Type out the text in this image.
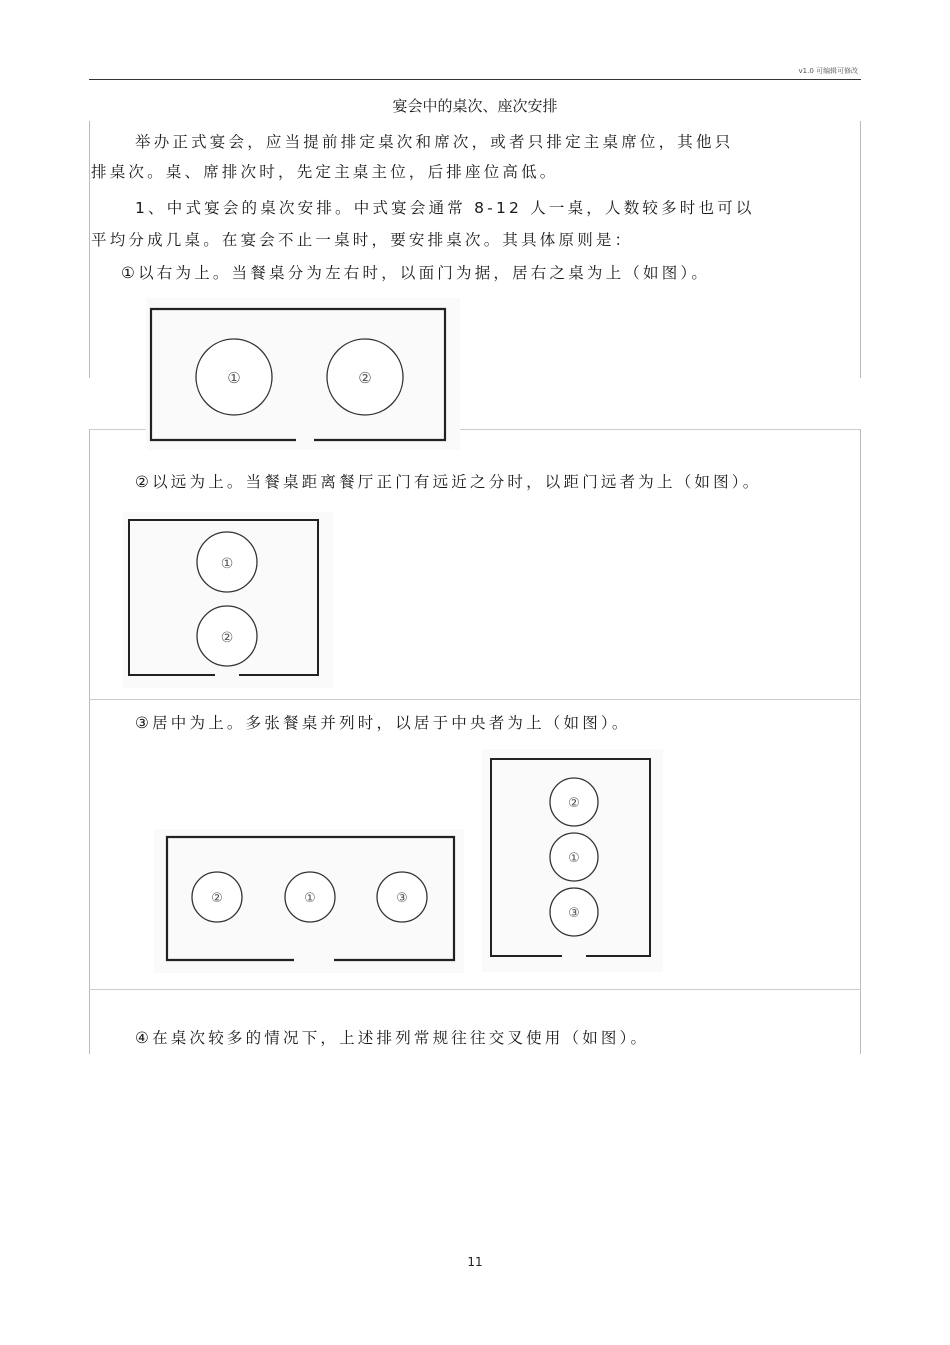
v1.0 可编辑可修改
宴会中的桌次、座次安排
举办正式宴会，应当提前排定桌次和席次，或者只排定主桌席位，其他只
排桌次。桌、席排次时，先定主桌主位，后排座位高低。
1、中式宴会的桌次安排。中式宴会通常 8-12 人一桌，人数较多时也可以
平均分成几桌。在宴会不止一桌时，要安排桌次。其具体原则是：
①以右为上。当餐桌分为左右时，以面门为据，居右之桌为上（如图）。
①	②
②以远为上。当餐桌距离餐厅正门有远近之分时，以距门远者为上（如图）。
①
②
③居中为上。多张餐桌并列时，以居于中央者为上（如图）。
②	①	③
②
①
③
④在桌次较多的情况下，上述排列常规往往交叉使用（如图）。
11
